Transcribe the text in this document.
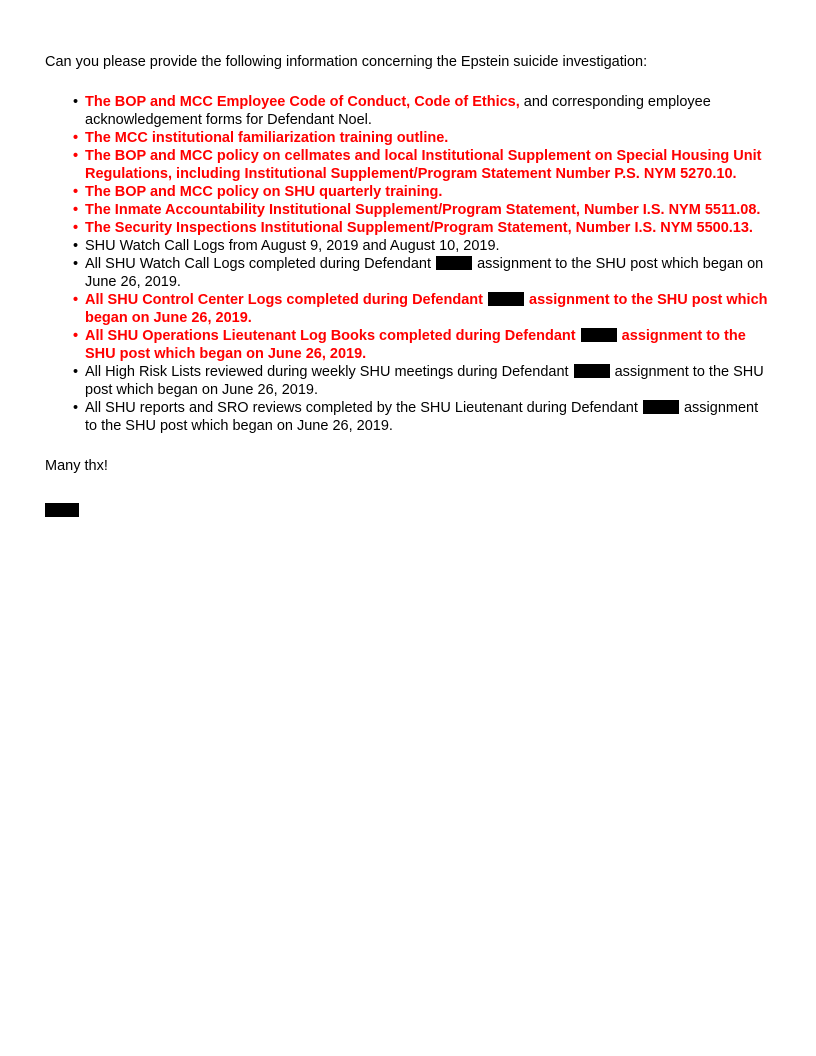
Can you please provide the following information concerning the Epstein suicide investigation:

• The BOP and MCC Employee Code of Conduct, Code of Ethics, and corresponding employee acknowledgement forms for Defendant Noel.
• The MCC institutional familiarization training outline.
• The BOP and MCC policy on cellmates and local Institutional Supplement on Special Housing Unit Regulations, including Institutional Supplement/Program Statement Number P.S. NYM 5270.10.
• The BOP and MCC policy on SHU quarterly training.
• The Inmate Accountability Institutional Supplement/Program Statement, Number I.S. NYM 5511.08.
• The Security Inspections Institutional Supplement/Program Statement, Number I.S. NYM 5500.13.
• SHU Watch Call Logs from August 9, 2019 and August 10, 2019.
• All SHU Watch Call Logs completed during Defendant	assignment to the SHU post which began on June 26, 2019.
• All SHU Control Center Logs completed during Defendant	assignment to the SHU post which began on June 26, 2019.
• All SHU Operations Lieutenant Log Books completed during Defendant	assignment to the SHU post which began on June 26, 2019.
• All High Risk Lists reviewed during weekly SHU meetings during Defendant	assignment to the SHU post which began on June 26, 2019.
• All SHU reports and SRO reviews completed by the SHU Lieutenant during Defendant	assignment to the SHU post which began on June 26, 2019.

Many thx!
